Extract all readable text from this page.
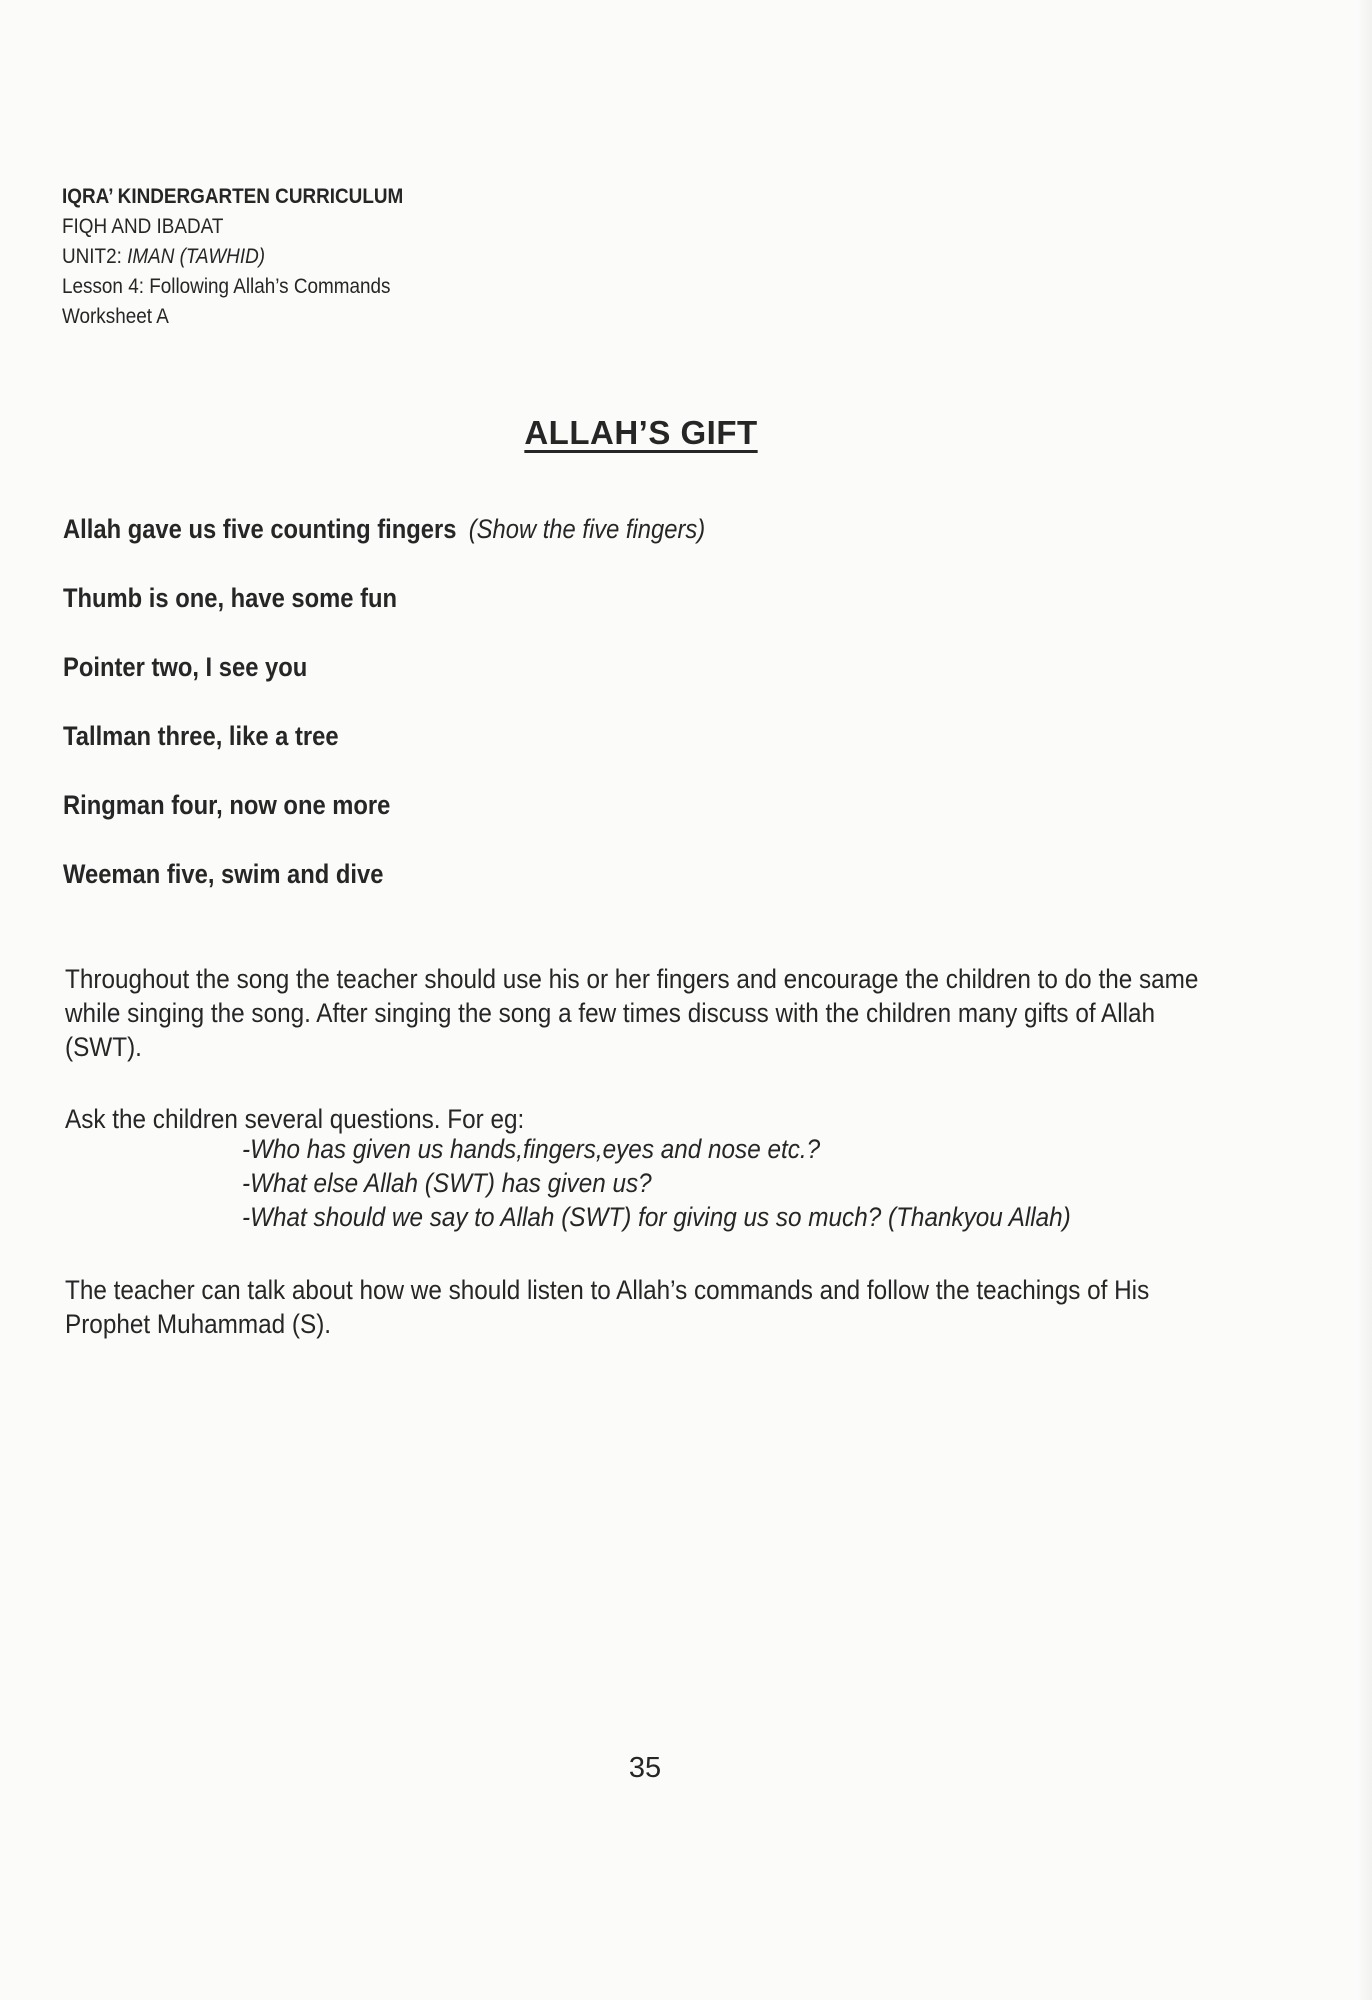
IQRA’ KINDERGARTEN CURRICULUM
FIQH AND IBADAT
UNIT2: IMAN (TAWHID)
Lesson 4: Following Allah’s Commands
Worksheet A
ALLAH’S GIFT
Allah gave us five counting fingers (Show the five fingers)
Thumb is one, have some fun
Pointer two, I see you
Tallman three, like a tree
Ringman four, now one more
Weeman five, swim and dive
Throughout the song the teacher should use his or her fingers and encourage the children to do the same while singing the song. After singing the song a few times discuss with the children many gifts of Allah (SWT).
Ask the children several questions. For eg:
-Who has given us hands,fingers,eyes and nose etc.?
-What else Allah (SWT) has given us?
-What should we say to Allah (SWT) for giving us so much? (Thankyou Allah)
The teacher can talk about how we should listen to Allah’s commands and follow the teachings of His Prophet Muhammad (S).
35
